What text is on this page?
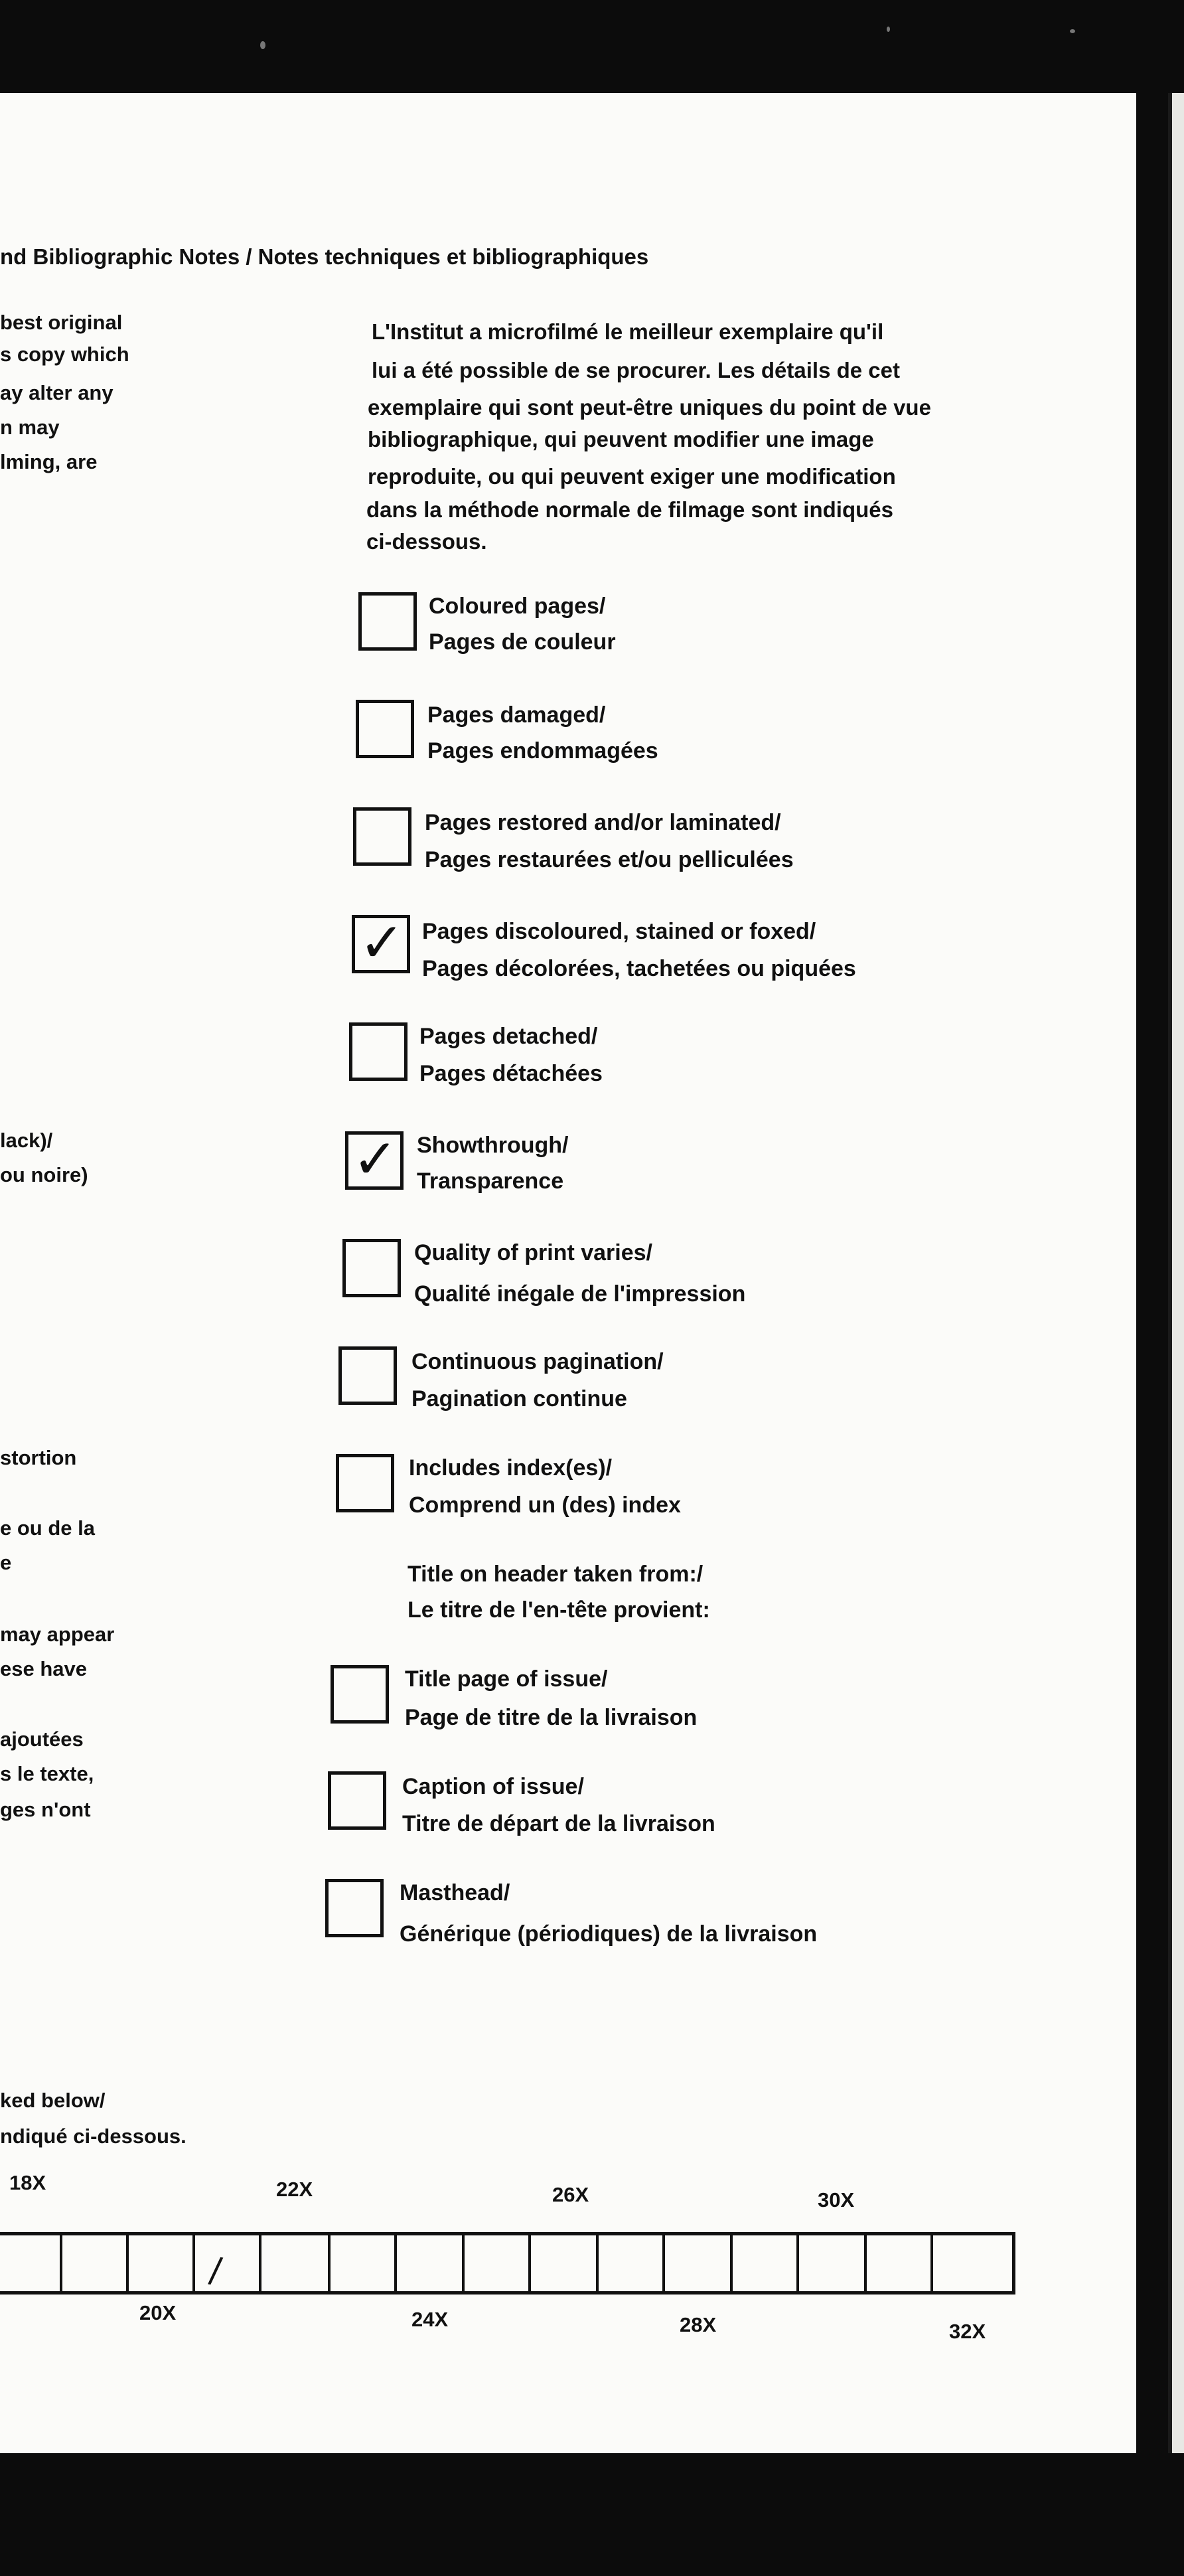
nd Bibliographic Notes / Notes techniques et bibliographiques
best original
s copy which
ay alter any
n may
lming, are
lack)/
ou noire)
stortion
e ou de la
e
may appear
ese have
ajoutées
s le texte,
ges n'ont
ked below/
ndiqué ci-dessous.
L'Institut a microfilmé le meilleur exemplaire qu'il
lui a été possible de se procurer. Les détails de cet
exemplaire qui sont peut-être uniques du point de vue
bibliographique, qui peuvent modifier une image
reproduite, ou qui peuvent exiger une modification
dans la méthode normale de filmage sont indiqués
ci-dessous.
Coloured pages/
Pages de couleur
Pages damaged/
Pages endommagées
Pages restored and/or laminated/
Pages restaurées et/ou pelliculées
✓ Pages discoloured, stained or foxed/
Pages décolorées, tachetées ou piquées
Pages detached/
Pages détachées
✓ Showthrough/
Transparence
Quality of print varies/
Qualité inégale de l'impression
Continuous pagination/
Pagination continue
Includes index(es)/
Comprend un (des) index
Title on header taken from:/
Le titre de l'en-tête provient:
Title page of issue/
Page de titre de la livraison
Caption of issue/
Titre de départ de la livraison
Masthead/
Générique (périodiques) de la livraison
18X	22X	26X	30X
/
20X	24X	28X	32X
